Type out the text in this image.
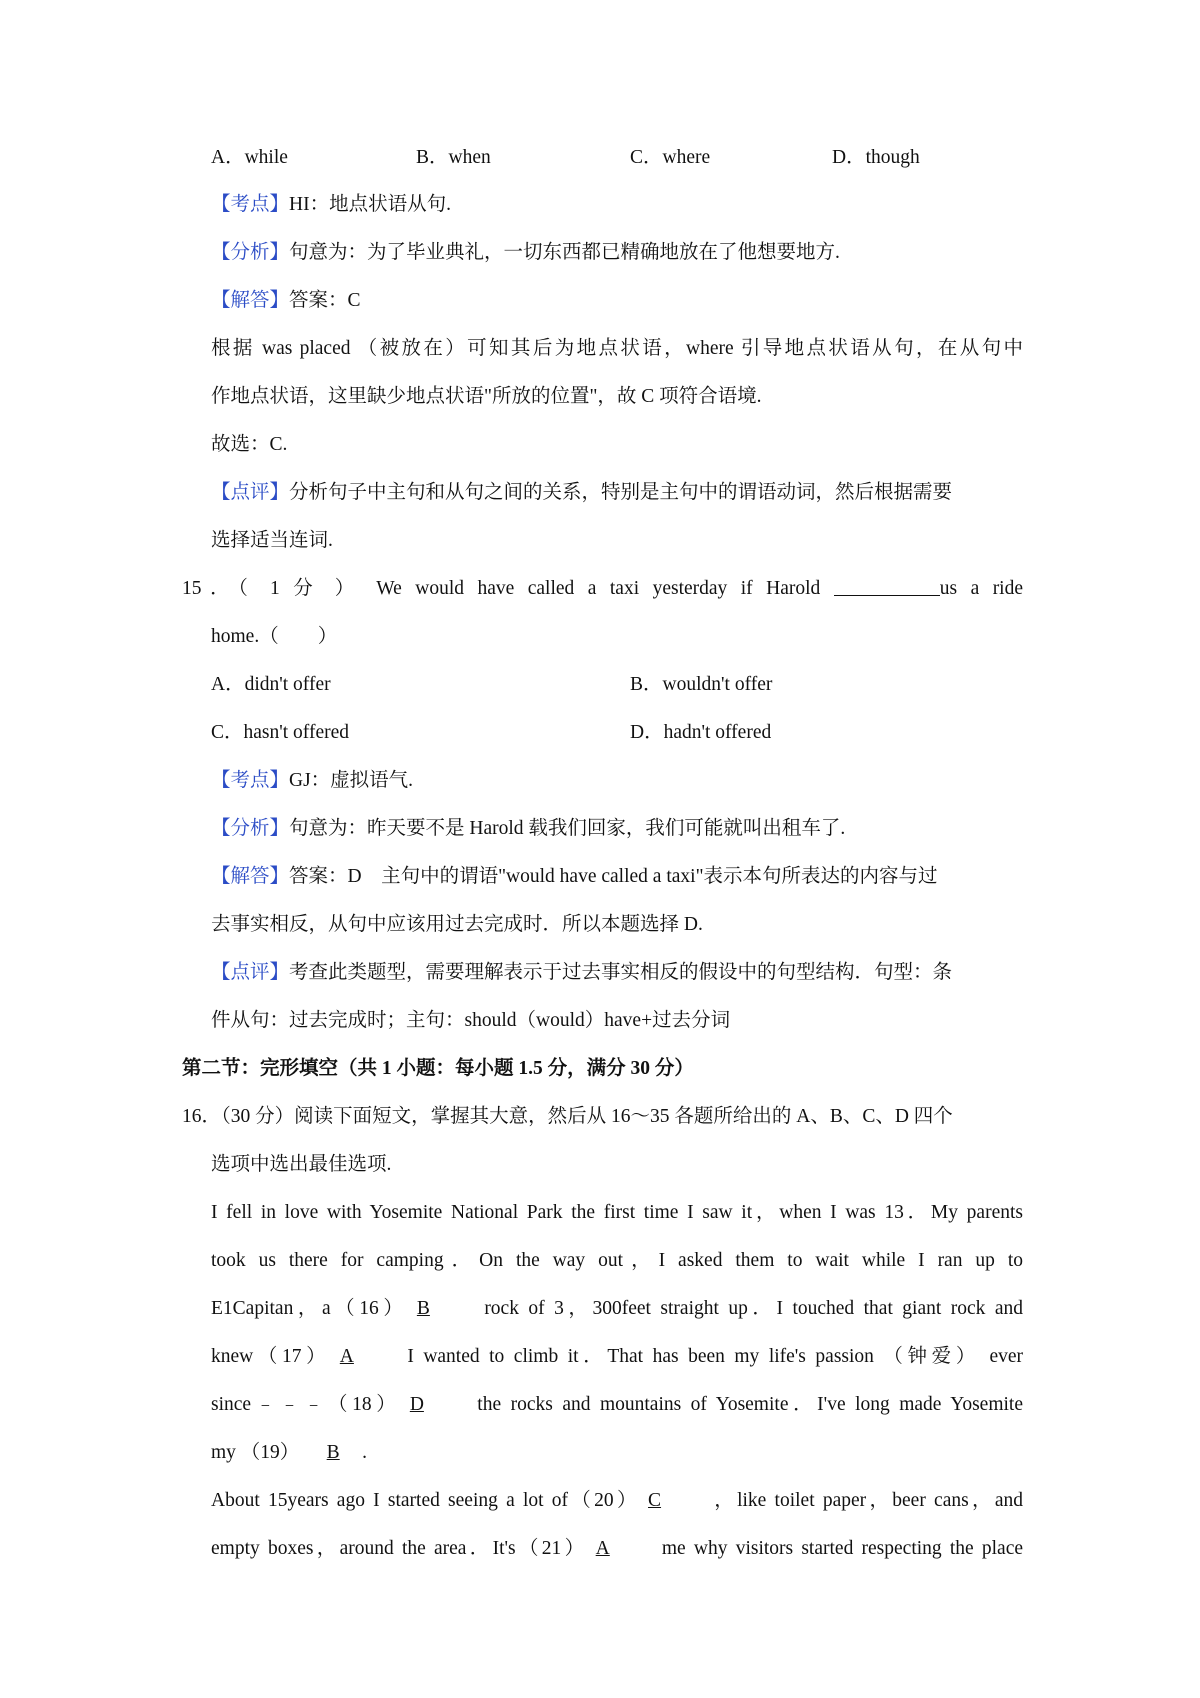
A．while	B．when	C．where	D．though
【考点】HI：地点状语从句.
【分析】句意为：为了毕业典礼，一切东西都已精确地放在了他想要地方.
【解答】答案：C
根据 was placed （被放在）可知其后为地点状语，where 引导地点状语从句，在从句中
作地点状语，这里缺少地点状语"所放的位置"，故 C 项符合语境.
故选：C.
【点评】分析句子中主句和从句之间的关系，特别是主句中的谓语动词，然后根据需要
选择适当连词.
15．（ 1 分 ） We would have called a taxi yesterday if Harold	us a ride
home.（　　）
A．didn't offer	B．wouldn't offer
C．hasn't offered	D．hadn't offered
【考点】GJ：虚拟语气.
【分析】句意为：昨天要不是 Harold 载我们回家，我们可能就叫出租车了.
【解答】答案：D　主句中的谓语"would have called a taxi"表示本句所表达的内容与过
去事实相反，从句中应该用过去完成时．所以本题选择 D.
【点评】考查此类题型，需要理解表示于过去事实相反的假设中的句型结构．句型：条
件从句：过去完成时；主句：should（would）have+过去分词
第二节：完形填空（共 1 小题：每小题 1.5 分，满分 30 分）
16．（30 分）阅读下面短文，掌握其大意，然后从 16～35 各题所给出的 A、B、C、D 四个
选项中选出最佳选项.
I fell in love with Yosemite National Park the first time I saw it，when I was 13．My parents
took us there for camping．On the way out，I asked them to wait while I ran up to
E1Capitan，a（16） B	rock of 3，300feet straight up．I touched that giant rock and
knew（17） A	I wanted to climb it．That has been my life's passion （钟爱） ever
since﹣﹣﹣（18） D	the rocks and mountains of Yosemite．I've long made Yosemite
my （19） B .
About 15years ago I started seeing a lot of（20） C	，like toilet paper，beer cans，and
empty boxes，around the area．It's（21） A	me why visitors started respecting the place
